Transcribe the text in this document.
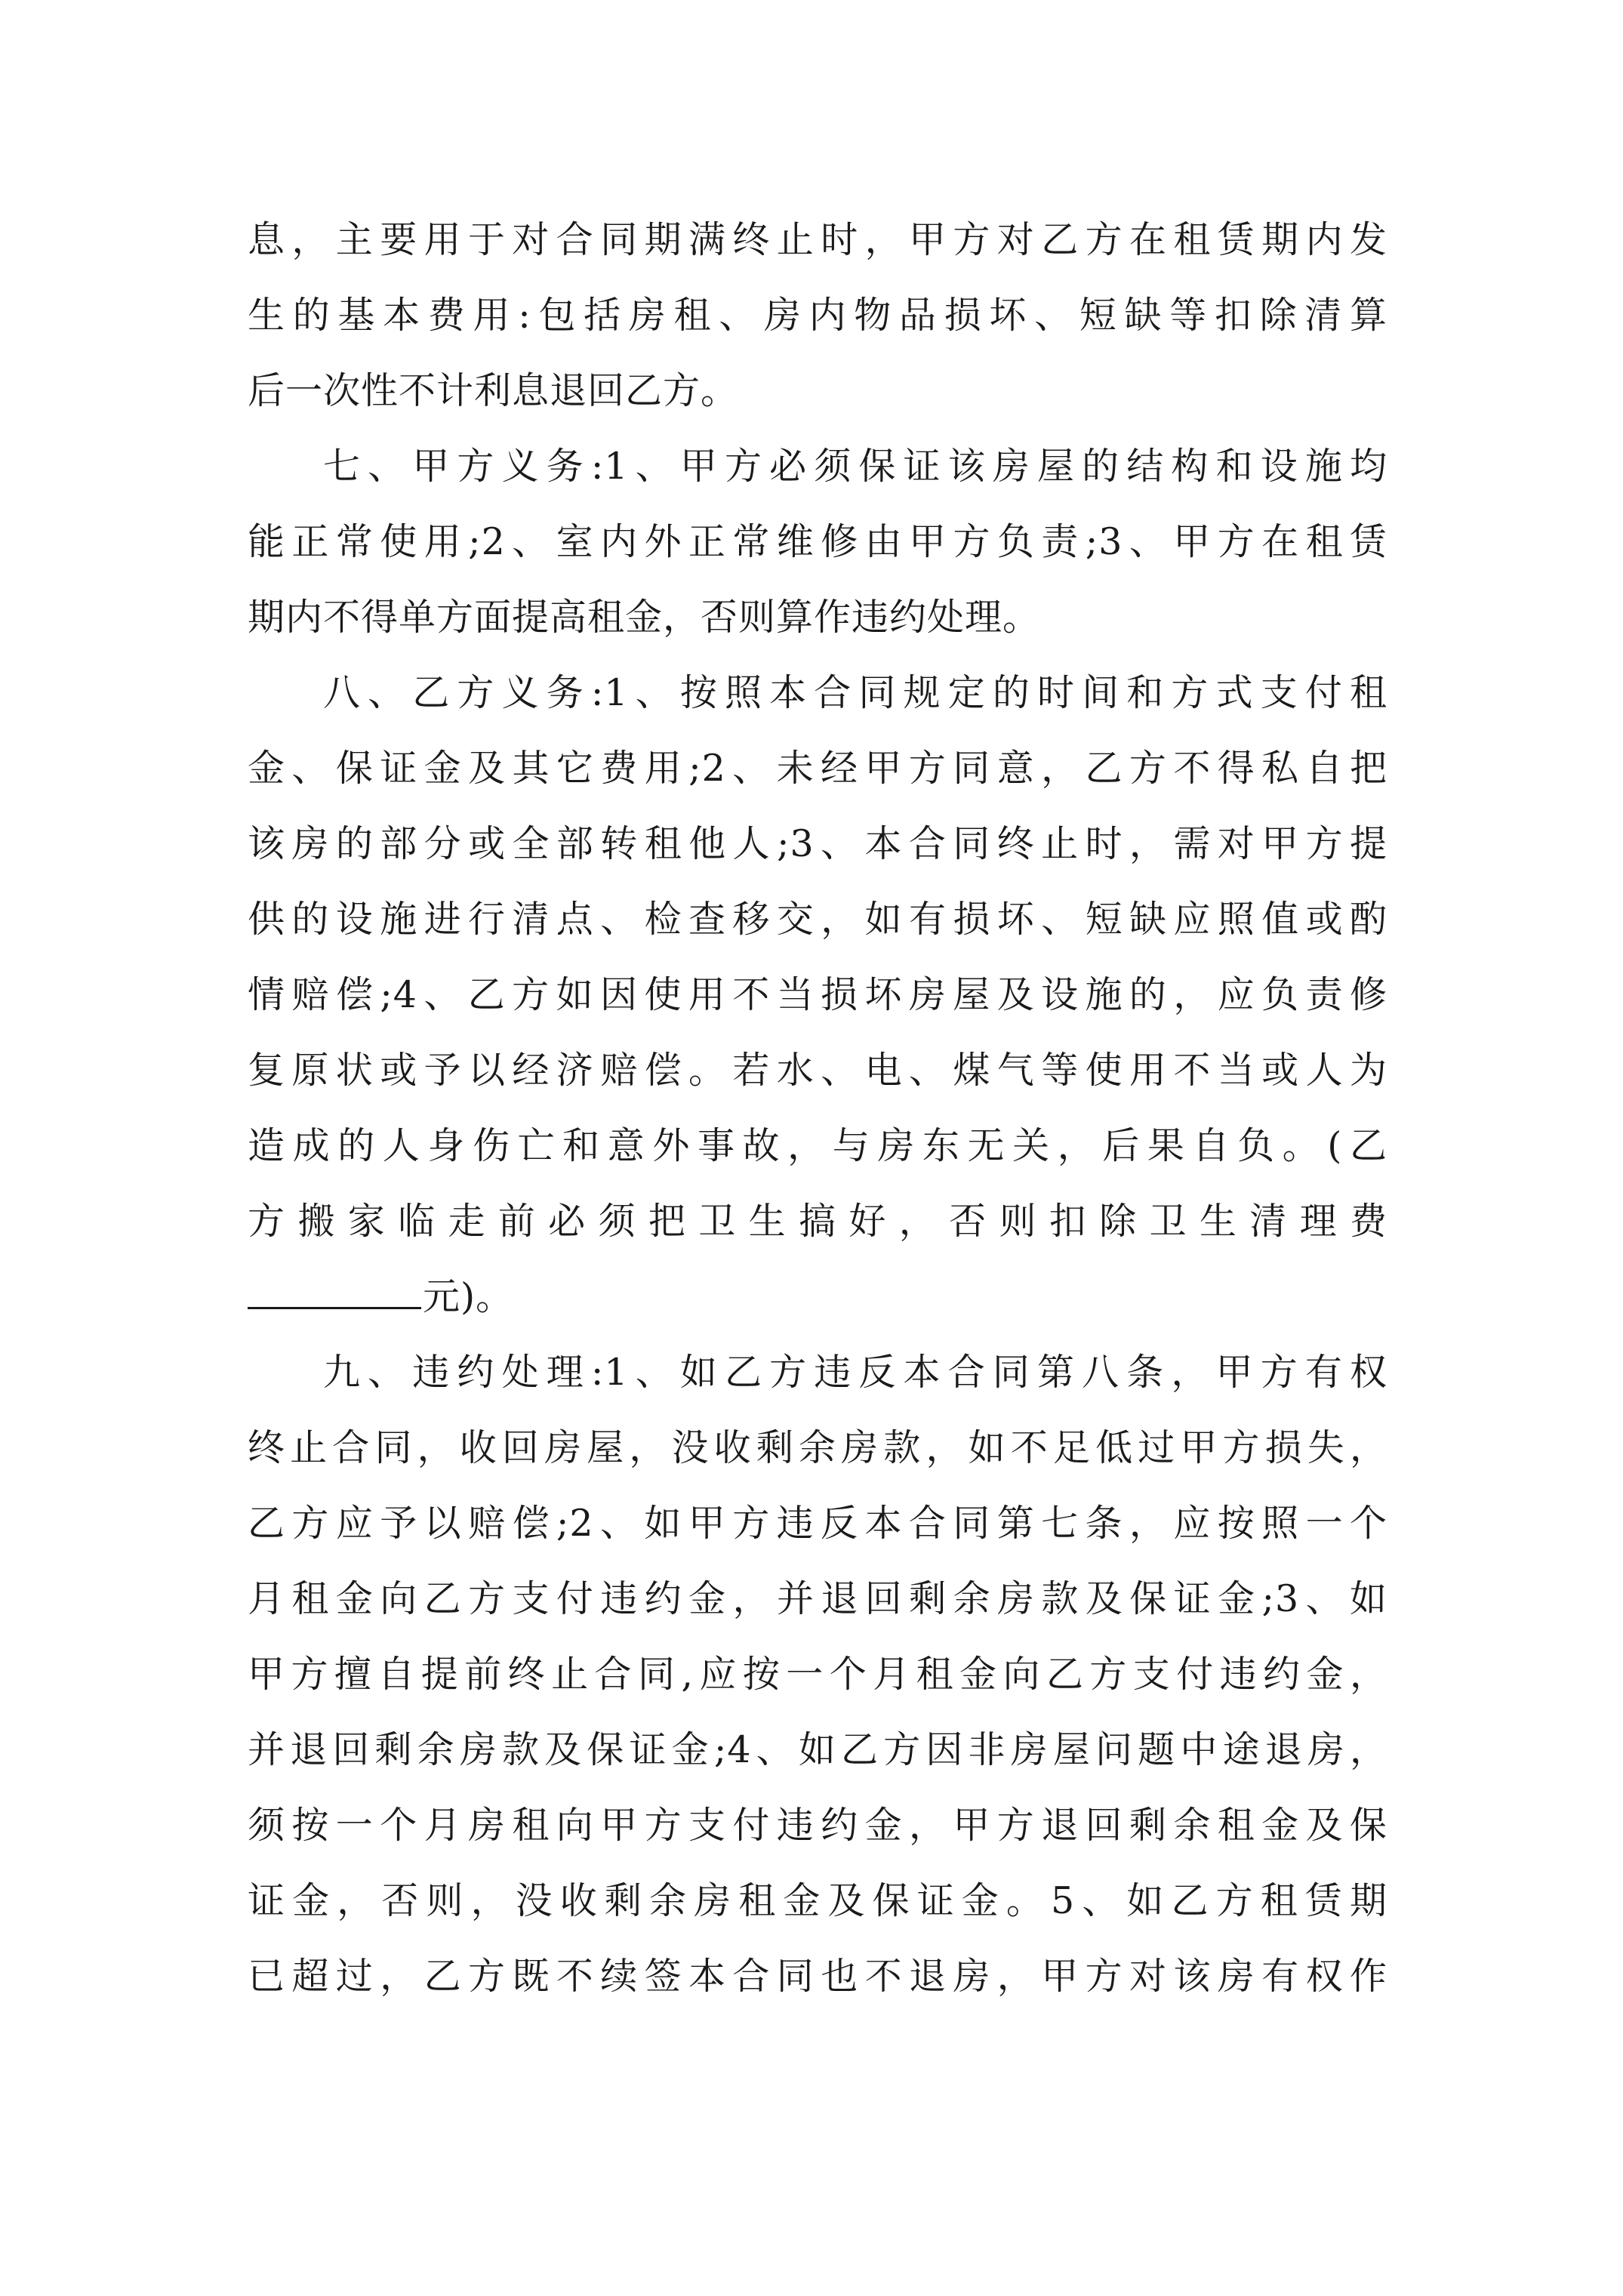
息，主要用于对合同期满终止时，甲方对乙方在租赁期内发
生的基本费用:包括房租、房内物品损坏、短缺等扣除清算
后一次性不计利息退回乙方。
七、甲方义务:1、甲方必须保证该房屋的结构和设施均
能正常使用;2、室内外正常维修由甲方负责;3、甲方在租赁
期内不得单方面提高租金，否则算作违约处理。
八、乙方义务:1、按照本合同规定的时间和方式支付租
金、保证金及其它费用;2、未经甲方同意，乙方不得私自把
该房的部分或全部转租他人;3、本合同终止时，需对甲方提
供的设施进行清点、检查移交，如有损坏、短缺应照值或酌
情赔偿;4、乙方如因使用不当损坏房屋及设施的，应负责修
复原状或予以经济赔偿。若水、电、煤气等使用不当或人为
造成的人身伤亡和意外事故，与房东无关，后果自负。(乙
方搬家临走前必须把卫生搞好，否则扣除卫生清理费
元)。
九、违约处理:1、如乙方违反本合同第八条，甲方有权
终止合同，收回房屋，没收剩余房款，如不足低过甲方损失，
乙方应予以赔偿;2、如甲方违反本合同第七条，应按照一个
月租金向乙方支付违约金，并退回剩余房款及保证金;3、如
甲方擅自提前终止合同,应按一个月租金向乙方支付违约金，
并退回剩余房款及保证金;4、如乙方因非房屋问题中途退房，
须按一个月房租向甲方支付违约金，甲方退回剩余租金及保
证金，否则，没收剩余房租金及保证金。5、如乙方租赁期
已超过，乙方既不续签本合同也不退房，甲方对该房有权作
